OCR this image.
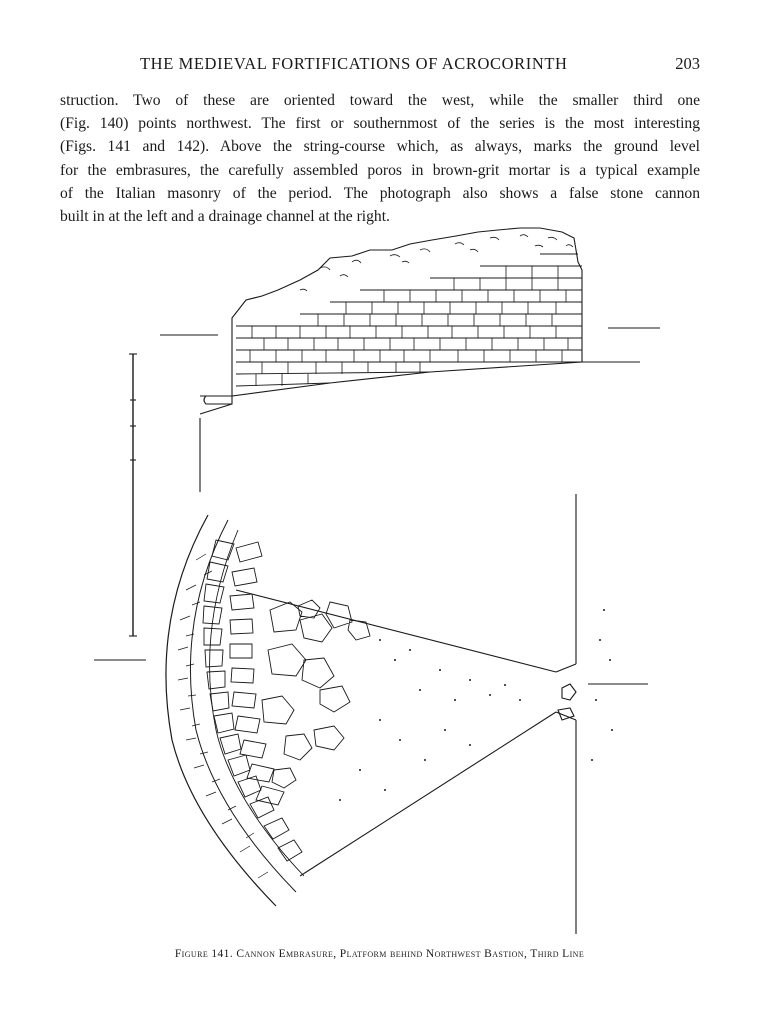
THE MEDIEVAL FORTIFICATIONS OF ACROCORINTH	203
struction. Two of these are oriented toward the west, while the smaller third one
(Fig. 140) points northwest. The first or southernmost of the series is the most interesting
(Figs. 141 and 142). Above the string-course which, as always, marks the ground level
for the embrasures, the carefully assembled poros in brown-grit mortar is a typical example
of the Italian masonry of the period. The photograph also shows a false stone cannon
built in at the left and a drainage channel at the right.
Figure 141. Cannon Embrasure, Platform behind Northwest Bastion, Third Line
